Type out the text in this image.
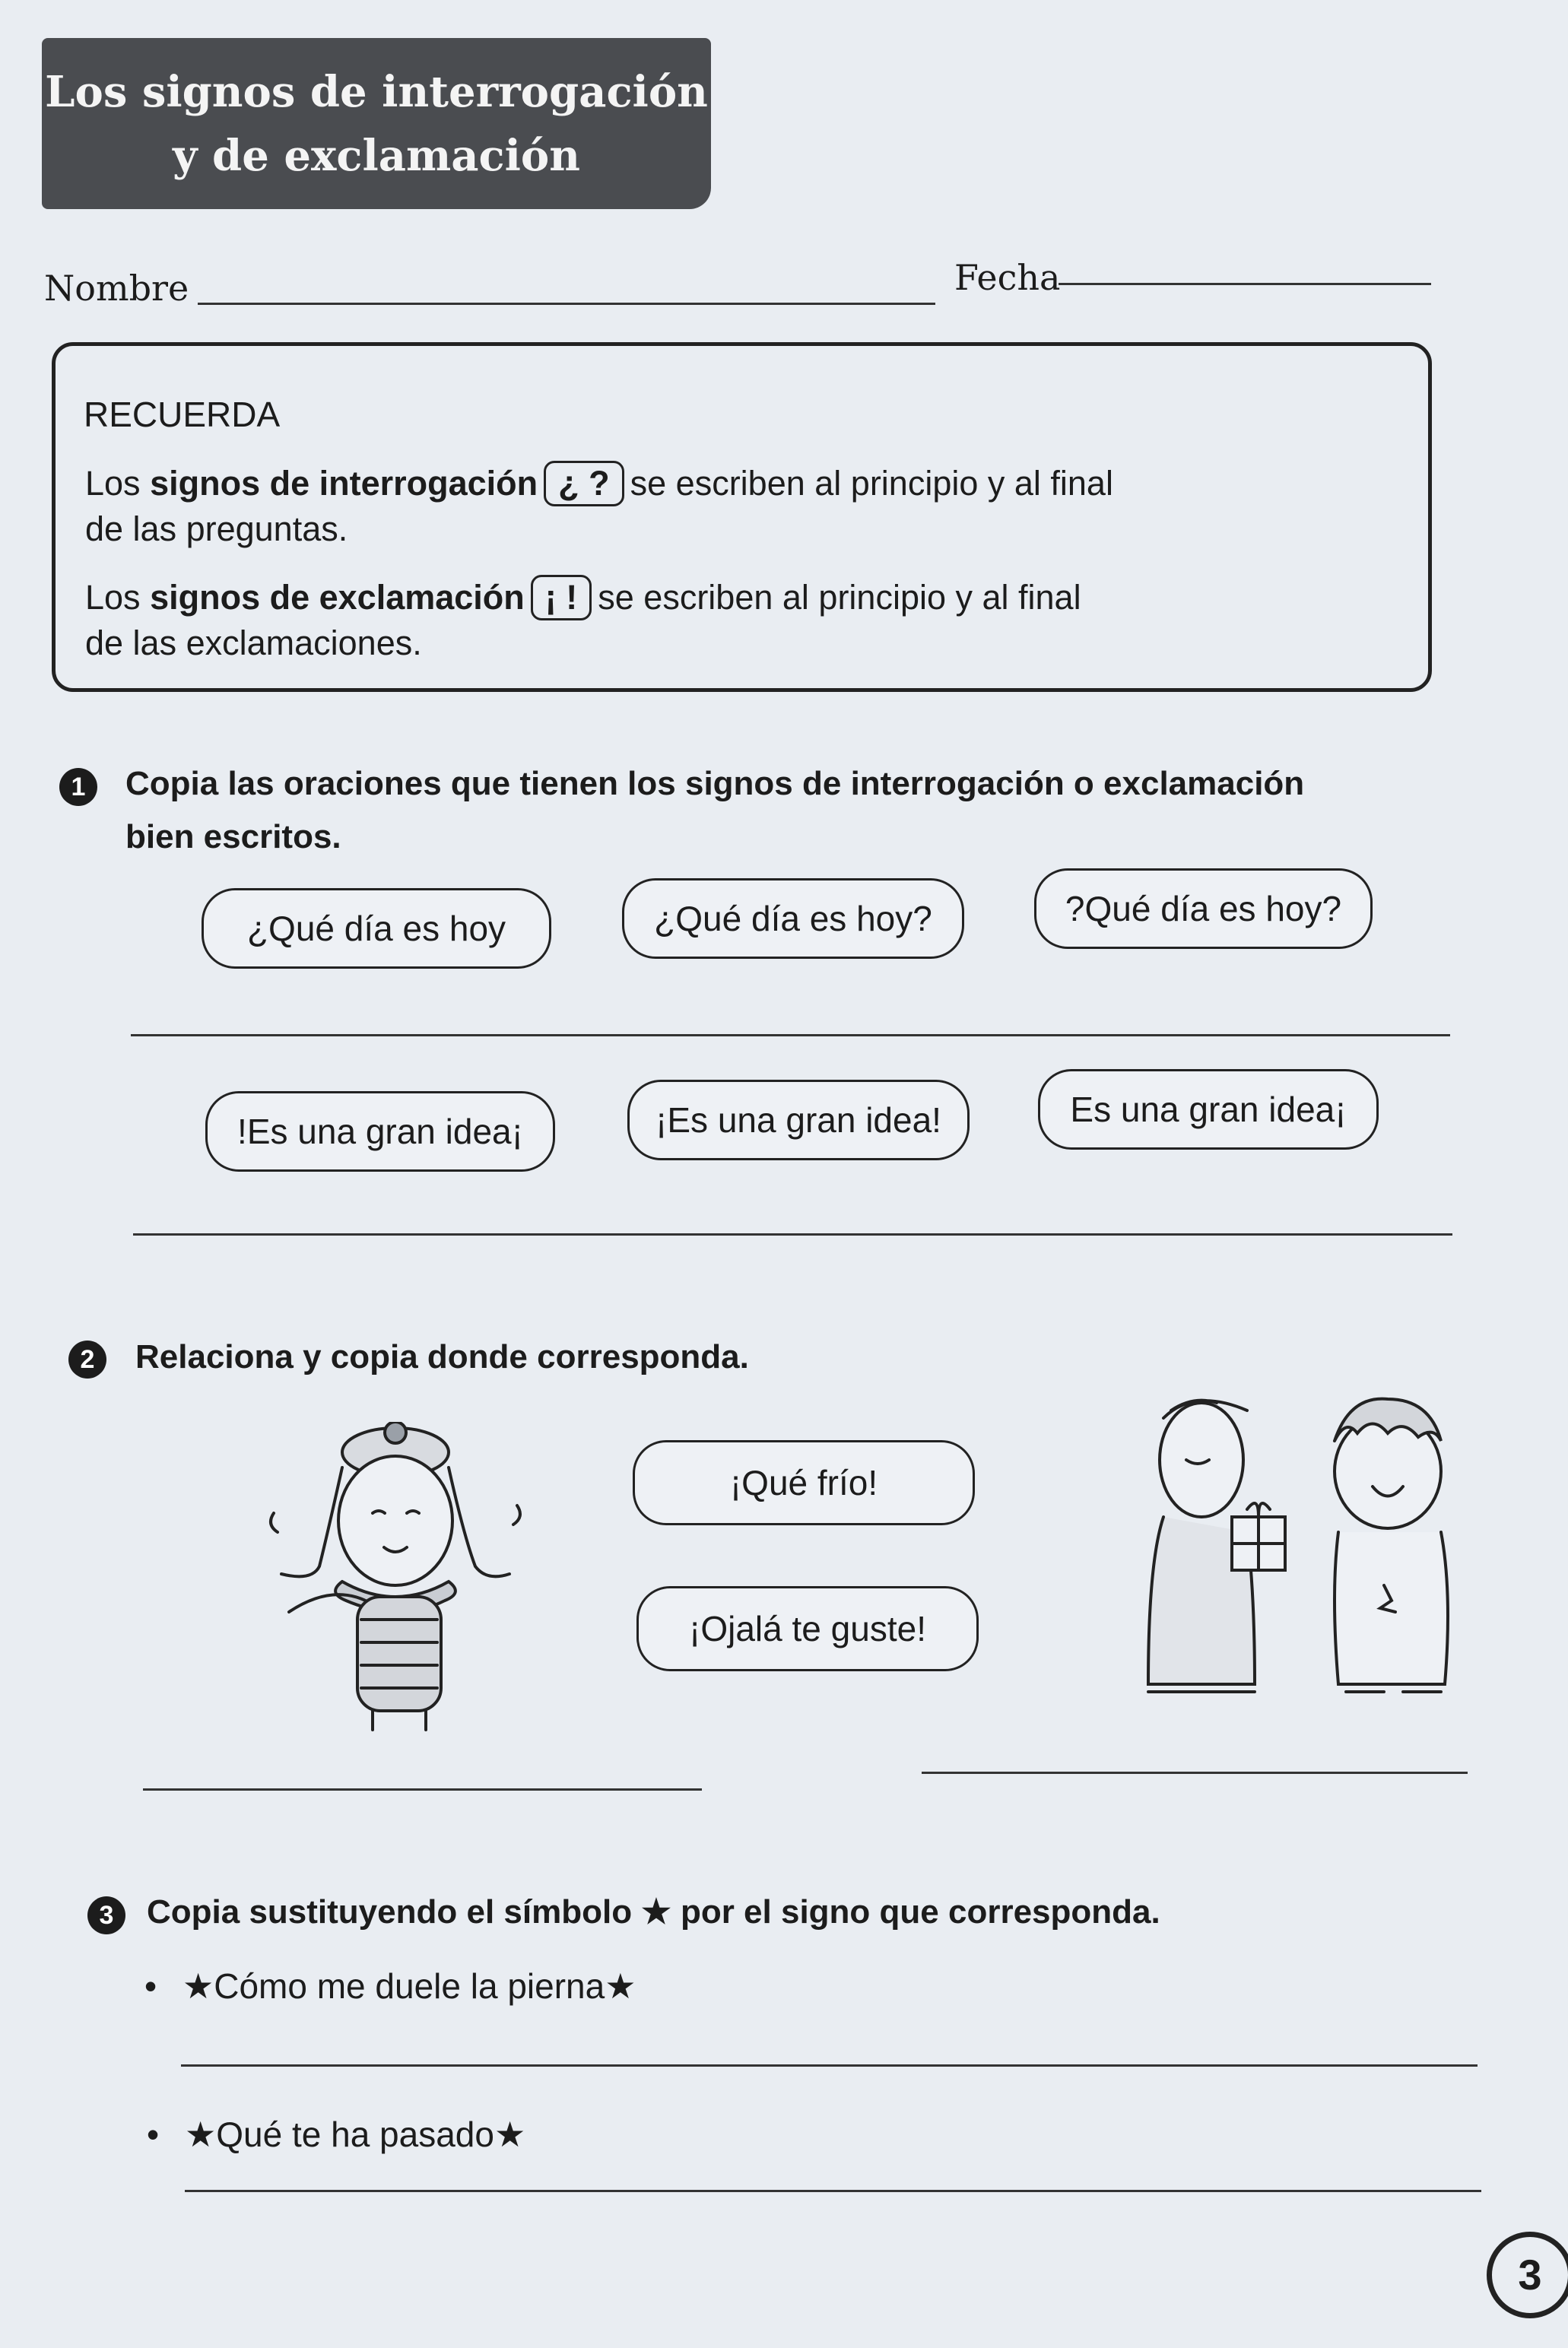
Los signos de interrogación
y de exclamación
Nombre	Fecha
RECUERDA
Los signos de interrogación ¿ ? se escriben al principio y al final
de las preguntas.
Los signos de exclamación ¡ ! se escriben al principio y al final
de las exclamaciones.
1	Copia las oraciones que tienen los signos de interrogación o exclamación
bien escritos.
¿Qué día es hoy	¿Qué día es hoy?	?Qué día es hoy?
!Es una gran idea¡	¡Es una gran idea!	Es una gran idea¡
2	Relaciona y copia donde corresponda.
¡Qué frío!
¡Ojalá te guste!
3 Copia sustituyendo el símbolo ★ por el signo que corresponda.
• ★Cómo me duele la pierna★
• ★Qué te ha pasado★
3
